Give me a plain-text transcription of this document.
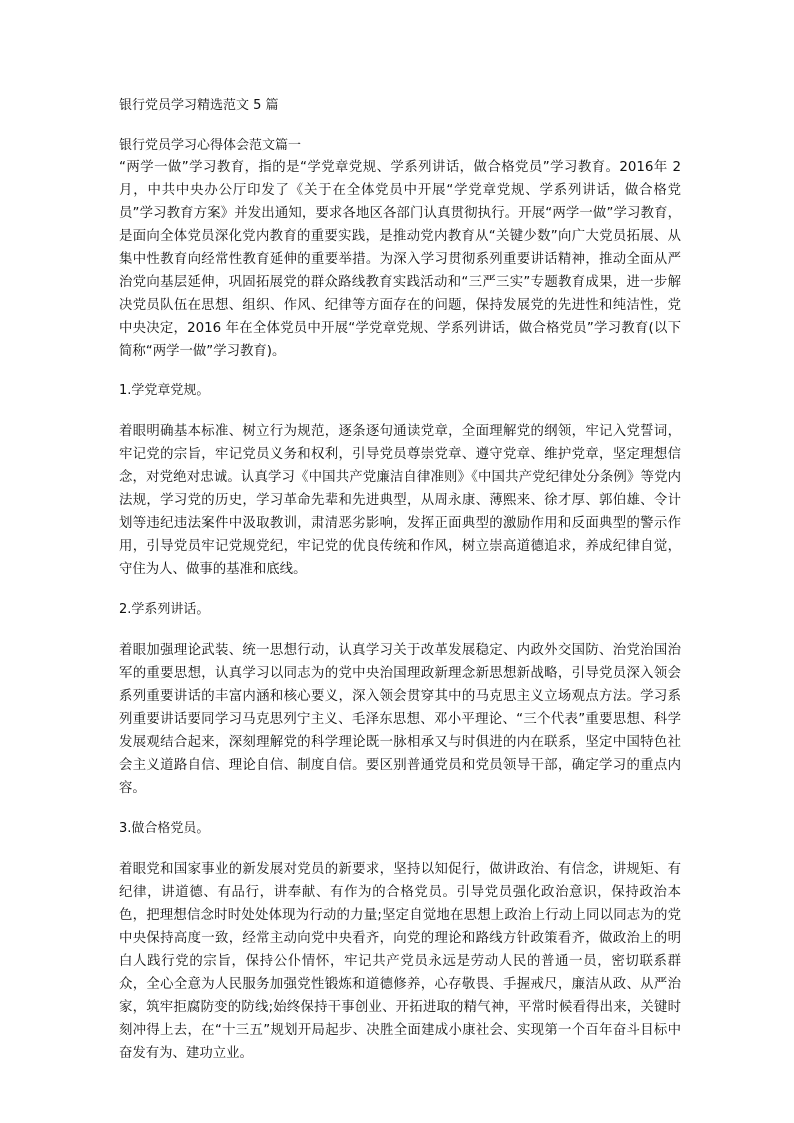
银行党员学习精选范文 5 篇

银行党员学习心得体会范文篇一

“两学一做”学习教育，指的是“学党章党规、学系列讲话，做合格党员”学习教育。2016年 2 月，中共中央办公厅印发了《关于在全体党员中开展“学党章党规、学系列讲话，做合格党员”学习教育方案》并发出通知，要求各地区各部门认真贯彻执行。开展“两学一做”学习教育，是面向全体党员深化党内教育的重要实践，是推动党内教育从“关键少数”向广大党员拓展、从集中性教育向经常性教育延伸的重要举措。为深入学习贯彻系列重要讲话精神，推动全面从严治党向基层延伸，巩固拓展党的群众路线教育实践活动和“三严三实”专题教育成果，进一步解决党员队伍在思想、组织、作风、纪律等方面存在的问题，保持发展党的先进性和纯洁性，党中央决定，2016 年在全体党员中开展“学党章党规、学系列讲话，做合格党员”学习教育(以下简称“两学一做”学习教育)。

1.学党章党规。

着眼明确基本标准、树立行为规范，逐条逐句通读党章，全面理解党的纲领，牢记入党誓词，牢记党的宗旨，牢记党员义务和权利，引导党员尊崇党章、遵守党章、维护党章，坚定理想信念，对党绝对忠诚。认真学习《中国共产党廉洁自律准则》《中国共产党纪律处分条例》等党内法规，学习党的历史，学习革命先辈和先进典型，从周永康、薄熙来、徐才厚、郭伯雄、令计划等违纪违法案件中汲取教训，肃清恶劣影响，发挥正面典型的激励作用和反面典型的警示作用，引导党员牢记党规党纪，牢记党的优良传统和作风，树立崇高道德追求，养成纪律自觉，守住为人、做事的基准和底线。

2.学系列讲话。

着眼加强理论武装、统一思想行动，认真学习关于改革发展稳定、内政外交国防、治党治国治军的重要思想，认真学习以同志为的党中央治国理政新理念新思想新战略，引导党员深入领会系列重要讲话的丰富内涵和核心要义，深入领会贯穿其中的马克思主义立场观点方法。学习系列重要讲话要同学习马克思列宁主义、毛泽东思想、邓小平理论、“三个代表”重要思想、科学发展观结合起来，深刻理解党的科学理论既一脉相承又与时俱进的内在联系，坚定中国特色社会主义道路自信、理论自信、制度自信。要区别普通党员和党员领导干部，确定学习的重点内容。

3.做合格党员。

着眼党和国家事业的新发展对党员的新要求，坚持以知促行，做讲政治、有信念，讲规矩、有纪律，讲道德、有品行，讲奉献、有作为的合格党员。引导党员强化政治意识，保持政治本色，把理想信念时时处处体现为行动的力量;坚定自觉地在思想上政治上行动上同以同志为的党中央保持高度一致，经常主动向党中央看齐，向党的理论和路线方针政策看齐，做政治上的明白人践行党的宗旨，保持公仆情怀，牢记共产党员永远是劳动人民的普通一员，密切联系群众，全心全意为人民服务加强党性锻炼和道德修养，心存敬畏、手握戒尺，廉洁从政、从严治家，筑牢拒腐防变的防线;始终保持干事创业、开拓进取的精气神，平常时候看得出来，关键时刻冲得上去，在“十三五”规划开局起步、决胜全面建成小康社会、实现第一个百年奋斗目标中奋发有为、建功立业。
